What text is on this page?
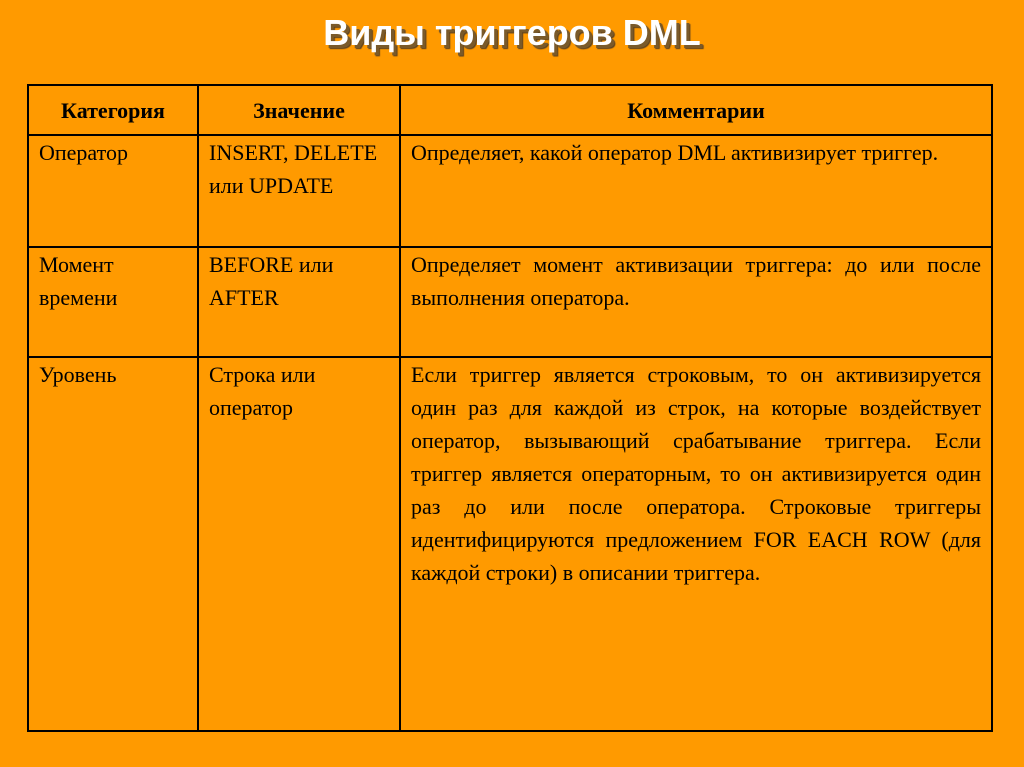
Виды триггеров DML
Категория	Значение	Комментарии
Оператор	INSERT, DELETE или UPDATE	Определяет, какой оператор DML активизирует триггер.
Момент времени	BEFORE или AFTER	Определяет момент активизации триггера: до или после выполнения оператора.
Уровень	Строка или оператор	Если триггер является строковым, то он активизируется один раз для каждой из строк, на которые воздействует оператор, вызывающий срабатывание триггера. Если триггер является операторным, то он активизируется один раз до или после оператора. Строковые триггеры идентифицируются предложением FOR EACH ROW (для каждой строки) в описании триггера.
